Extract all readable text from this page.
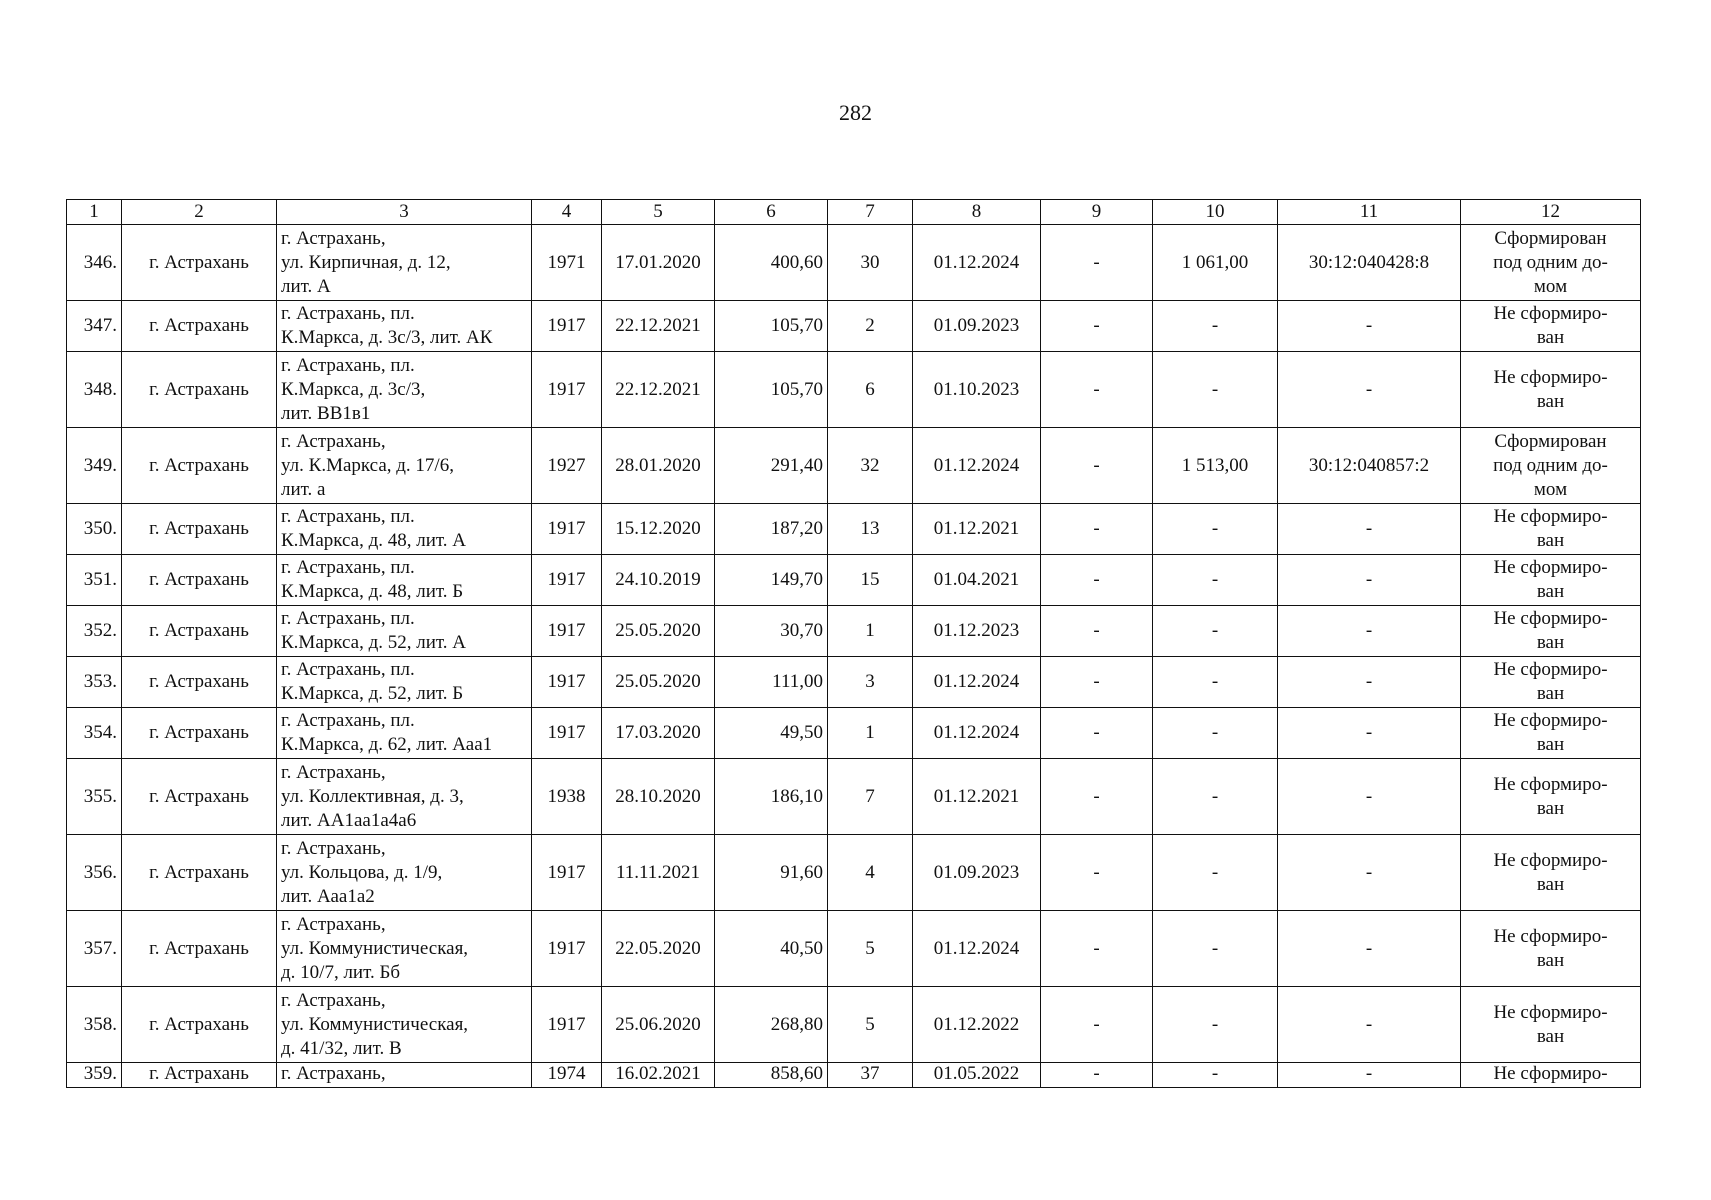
282
1	2	3	4	5	6	7	8	9	10	11	12
346.	г. Астрахань	г. Астрахань,
ул. Кирпичная, д. 12,
лит. А	1971	17.01.2020	400,60	30	01.12.2024	-	1 061,00	30:12:040428:8	Сформирован
под одним до-
мом
347.	г. Астрахань	г. Астрахань, пл.
К.Маркса, д. 3с/3, лит. АК	1917	22.12.2021	105,70	2	01.09.2023	-	-	-	Не сформиро-
ван
348.	г. Астрахань	г. Астрахань, пл.
К.Маркса, д. 3с/3,
лит. ВВ1в1	1917	22.12.2021	105,70	6	01.10.2023	-	-	-	Не сформиро-
ван
349.	г. Астрахань	г. Астрахань,
ул. К.Маркса, д. 17/6,
лит. а	1927	28.01.2020	291,40	32	01.12.2024	-	1 513,00	30:12:040857:2	Сформирован
под одним до-
мом
350.	г. Астрахань	г. Астрахань, пл.
К.Маркса, д. 48, лит. А	1917	15.12.2020	187,20	13	01.12.2021	-	-	-	Не сформиро-
ван
351.	г. Астрахань	г. Астрахань, пл.
К.Маркса, д. 48, лит. Б	1917	24.10.2019	149,70	15	01.04.2021	-	-	-	Не сформиро-
ван
352.	г. Астрахань	г. Астрахань, пл.
К.Маркса, д. 52, лит. А	1917	25.05.2020	30,70	1	01.12.2023	-	-	-	Не сформиро-
ван
353.	г. Астрахань	г. Астрахань, пл.
К.Маркса, д. 52, лит. Б	1917	25.05.2020	111,00	3	01.12.2024	-	-	-	Не сформиро-
ван
354.	г. Астрахань	г. Астрахань, пл.
К.Маркса, д. 62, лит. Ааа1	1917	17.03.2020	49,50	1	01.12.2024	-	-	-	Не сформиро-
ван
355.	г. Астрахань	г. Астрахань,
ул. Коллективная, д. 3,
лит. АА1аа1а4а6	1938	28.10.2020	186,10	7	01.12.2021	-	-	-	Не сформиро-
ван
356.	г. Астрахань	г. Астрахань,
ул. Кольцова, д. 1/9,
лит. Ааа1а2	1917	11.11.2021	91,60	4	01.09.2023	-	-	-	Не сформиро-
ван
357.	г. Астрахань	г. Астрахань,
ул. Коммунистическая,
д. 10/7, лит. Бб	1917	22.05.2020	40,50	5	01.12.2024	-	-	-	Не сформиро-
ван
358.	г. Астрахань	г. Астрахань,
ул. Коммунистическая,
д. 41/32, лит. В	1917	25.06.2020	268,80	5	01.12.2022	-	-	-	Не сформиро-
ван
359.	г. Астрахань	г. Астрахань,	1974	16.02.2021	858,60	37	01.05.2022	-	-	-	Не сформиро-
